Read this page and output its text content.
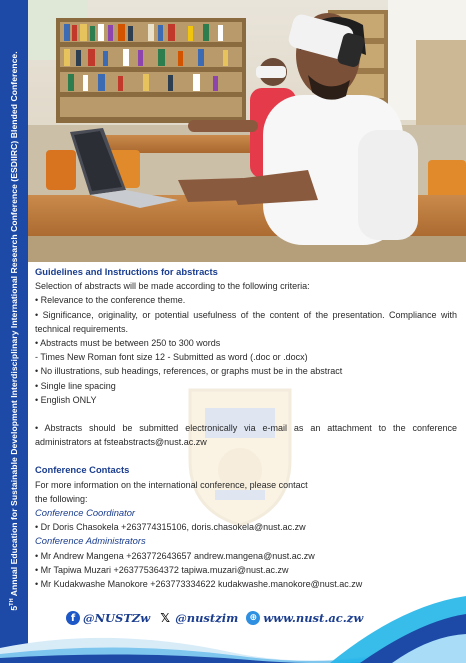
5TH Annual Education for Sustainable Development Interdisciplinary International Research Conference (ESDIIRC) Blended Conference. Guidelines and Instructions for abstracts
Selection of abstracts will be made according to the following criteria:
• Relevance to the conference theme.
• Significance, originality, or potential usefulness of the content of the presentation. Compliance with technical requirements.
• Abstracts must be between 250 to 300 words
- Times New Roman font size 12 - Submitted as word (.doc or .docx)
• No illustrations, sub headings, references, or graphs must be in the abstract
• Single line spacing
• English ONLY
• Abstracts should be submitted electronically via e-mail as an attachment to the conference administrators at fsteabstracts@nust.ac.zw
Conference Contacts
For more information on the international conference, please contact
the following:
Conference Coordinator
• Dr Doris Chasokela +263774315106, doris.chasokela@nust.ac.zw
Conference Administrators
• Mr Andrew Mangena +263772643657 andrew.mangena@nust.ac.zw
• Mr Tapiwa Muzari +263775364372 tapiwa.muzari@nust.ac.zw
• Mr Kudakwashe Manokore +263773334622 kudakwashe.manokore@nust.ac.zw
f @NUSTZw 𝕏 @nustzim	⊕ www.nust.ac.zw
